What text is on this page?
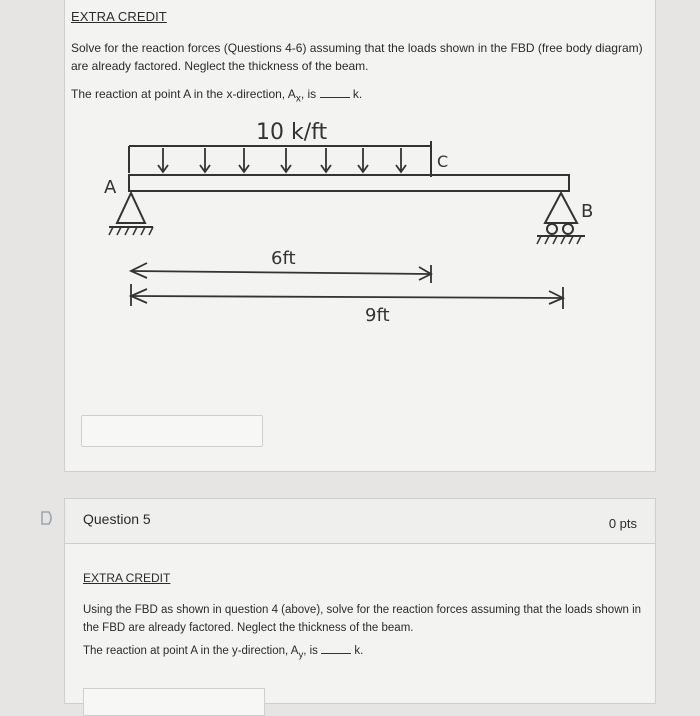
EXTRA CREDIT
Solve for the reaction forces (Questions 4-6) assuming that the loads shown in the FBD (free body diagram) are already factored. Neglect the thickness of the beam.
The reaction at point A in the x-direction, $A_x$, is	k.
10 k/ft
C
A
B
6ft
9ft
Question 5	0 pts
EXTRA CREDIT
Using the FBD as shown in question 4 (above), solve for the reaction forces assuming that the loads shown in the FBD are already factored. Neglect the thickness of the beam.
The reaction at point A in the y-direction, $A_y$, is	k.
